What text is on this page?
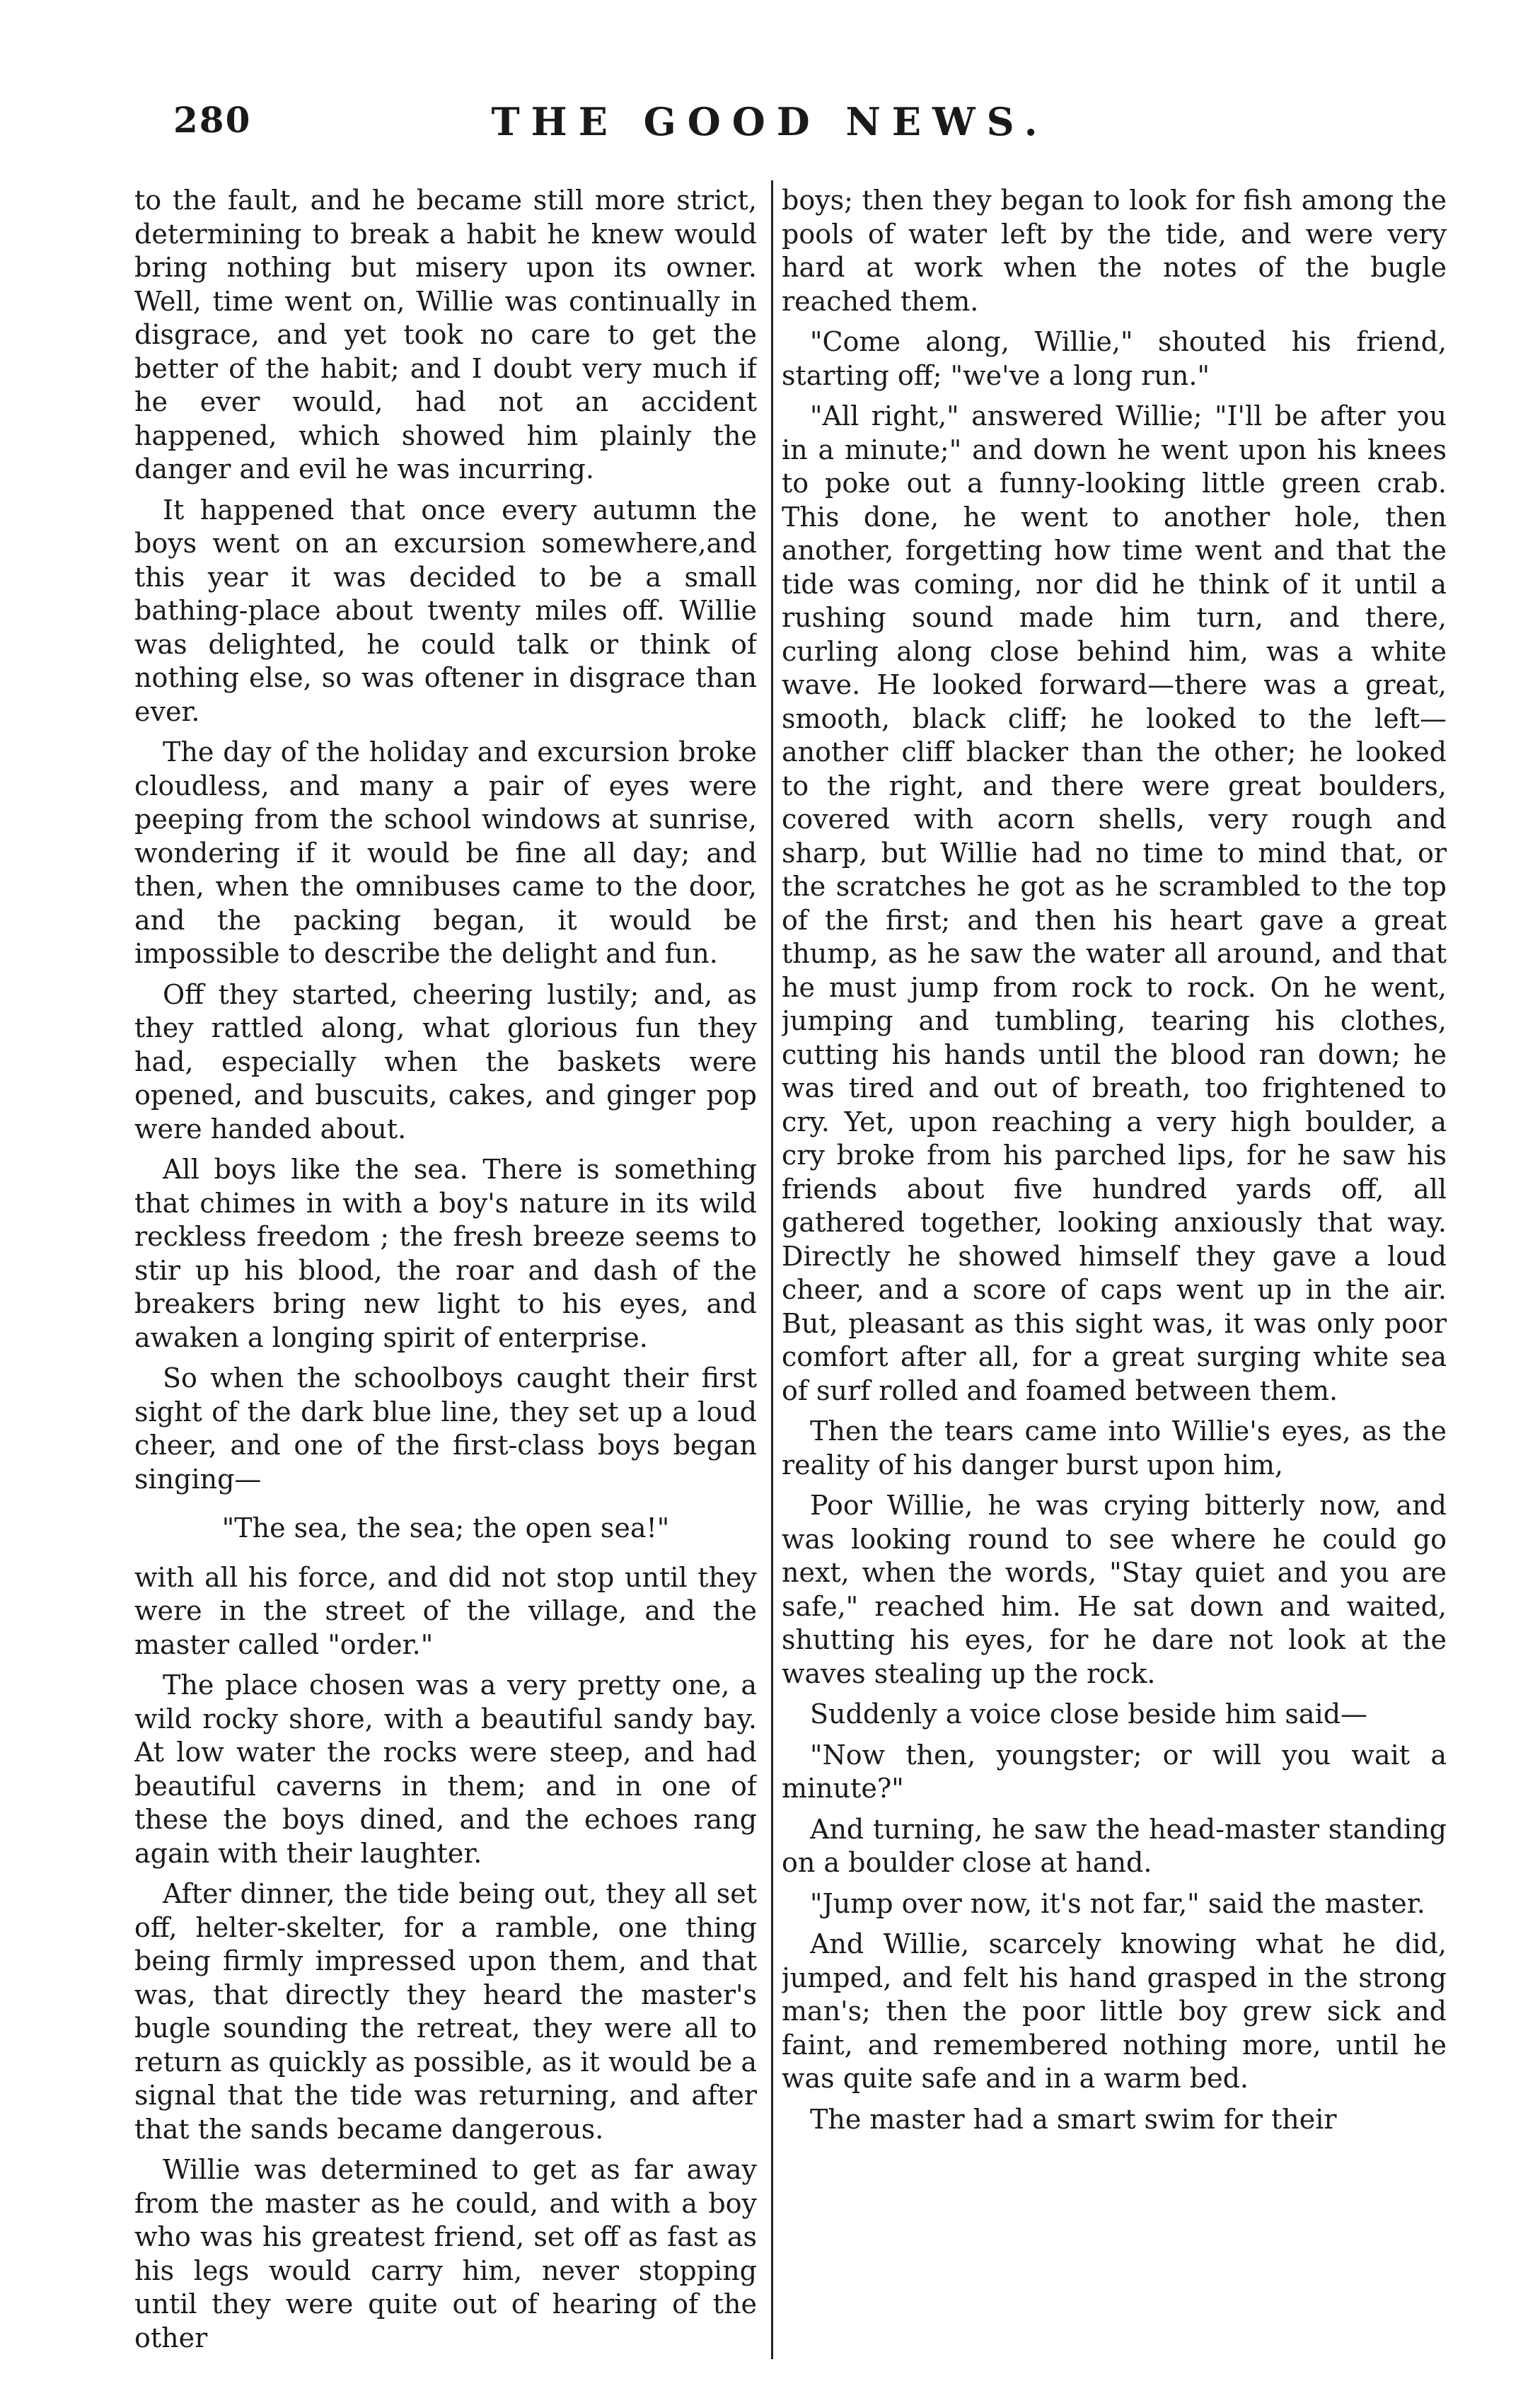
280	THE GOOD NEWS.

to the fault, and he became still more strict, determining to break a habit he knew would bring nothing but misery upon its owner. Well, time went on, Willie was continually in disgrace, and yet took no care to get the better of the habit; and I doubt very much if he ever would, had not an accident happened, which showed him plainly the danger and evil he was incurring.

It happened that once every autumn the boys went on an excursion somewhere,and this year it was decided to be a small bathing-place about twenty miles off. Willie was delighted, he could talk or think of nothing else, so was oftener in disgrace than ever.

The day of the holiday and excursion broke cloudless, and many a pair of eyes were peeping from the school windows at sunrise, wondering if it would be fine all day; and then, when the omnibuses came to the door, and the packing began, it would be impossible to describe the delight and fun.

Off they started, cheering lustily; and, as they rattled along, what glorious fun they had, especially when the baskets were opened, and buscuits, cakes, and ginger pop were handed about.

All boys like the sea. There is something that chimes in with a boy's nature in its wild reckless freedom ; the fresh breeze seems to stir up his blood, the roar and dash of the breakers bring new light to his eyes, and awaken a longing spirit of enterprise.

So when the schoolboys caught their first sight of the dark blue line, they set up a loud cheer, and one of the first-class boys began singing—

"The sea, the sea; the open sea!"

with all his force, and did not stop until they were in the street of the village, and the master called "order."

The place chosen was a very pretty one, a wild rocky shore, with a beautiful sandy bay. At low water the rocks were steep, and had beautiful caverns in them; and in one of these the boys dined, and the echoes rang again with their laughter.

After dinner, the tide being out, they all set off, helter-skelter, for a ramble, one thing being firmly impressed upon them, and that was, that directly they heard the master's bugle sounding the retreat, they were all to return as quickly as possible, as it would be a signal that the tide was returning, and after that the sands became dangerous.

Willie was determined to get as far away from the master as he could, and with a boy who was his greatest friend, set off as fast as his legs would carry him, never stopping until they were quite out of hearing of the other

boys; then they began to look for fish among the pools of water left by the tide, and were very hard at work when the notes of the bugle reached them.

"Come along, Willie," shouted his friend, starting off; "we've a long run."

"All right," answered Willie; "I'll be after you in a minute;" and down he went upon his knees to poke out a funny-looking little green crab. This done, he went to another hole, then another, forgetting how time went and that the tide was coming, nor did he think of it until a rushing sound made him turn, and there, curling along close behind him, was a white wave. He looked forward—there was a great, smooth, black cliff; he looked to the left—another cliff blacker than the other; he looked to the right, and there were great boulders, covered with acorn shells, very rough and sharp, but Willie had no time to mind that, or the scratches he got as he scrambled to the top of the first; and then his heart gave a great thump, as he saw the water all around, and that he must jump from rock to rock. On he went, jumping and tumbling, tearing his clothes, cutting his hands until the blood ran down; he was tired and out of breath, too frightened to cry. Yet, upon reaching a very high boulder, a cry broke from his parched lips, for he saw his friends about five hundred yards off, all gathered together, looking anxiously that way. Directly he showed himself they gave a loud cheer, and a score of caps went up in the air. But, pleasant as this sight was, it was only poor comfort after all, for a great surging white sea of surf rolled and foamed between them.

Then the tears came into Willie's eyes, as the reality of his danger burst upon him,

Poor Willie, he was crying bitterly now, and was looking round to see where he could go next, when the words, "Stay quiet and you are safe," reached him. He sat down and waited, shutting his eyes, for he dare not look at the waves stealing up the rock.

Suddenly a voice close beside him said—

"Now then, youngster; or will you wait a minute?"

And turning, he saw the head-master standing on a boulder close at hand.

"Jump over now, it's not far," said the master.

And Willie, scarcely knowing what he did, jumped, and felt his hand grasped in the strong man's; then the poor little boy grew sick and faint, and remembered nothing more, until he was quite safe and in a warm bed.

The master had a smart swim for their
